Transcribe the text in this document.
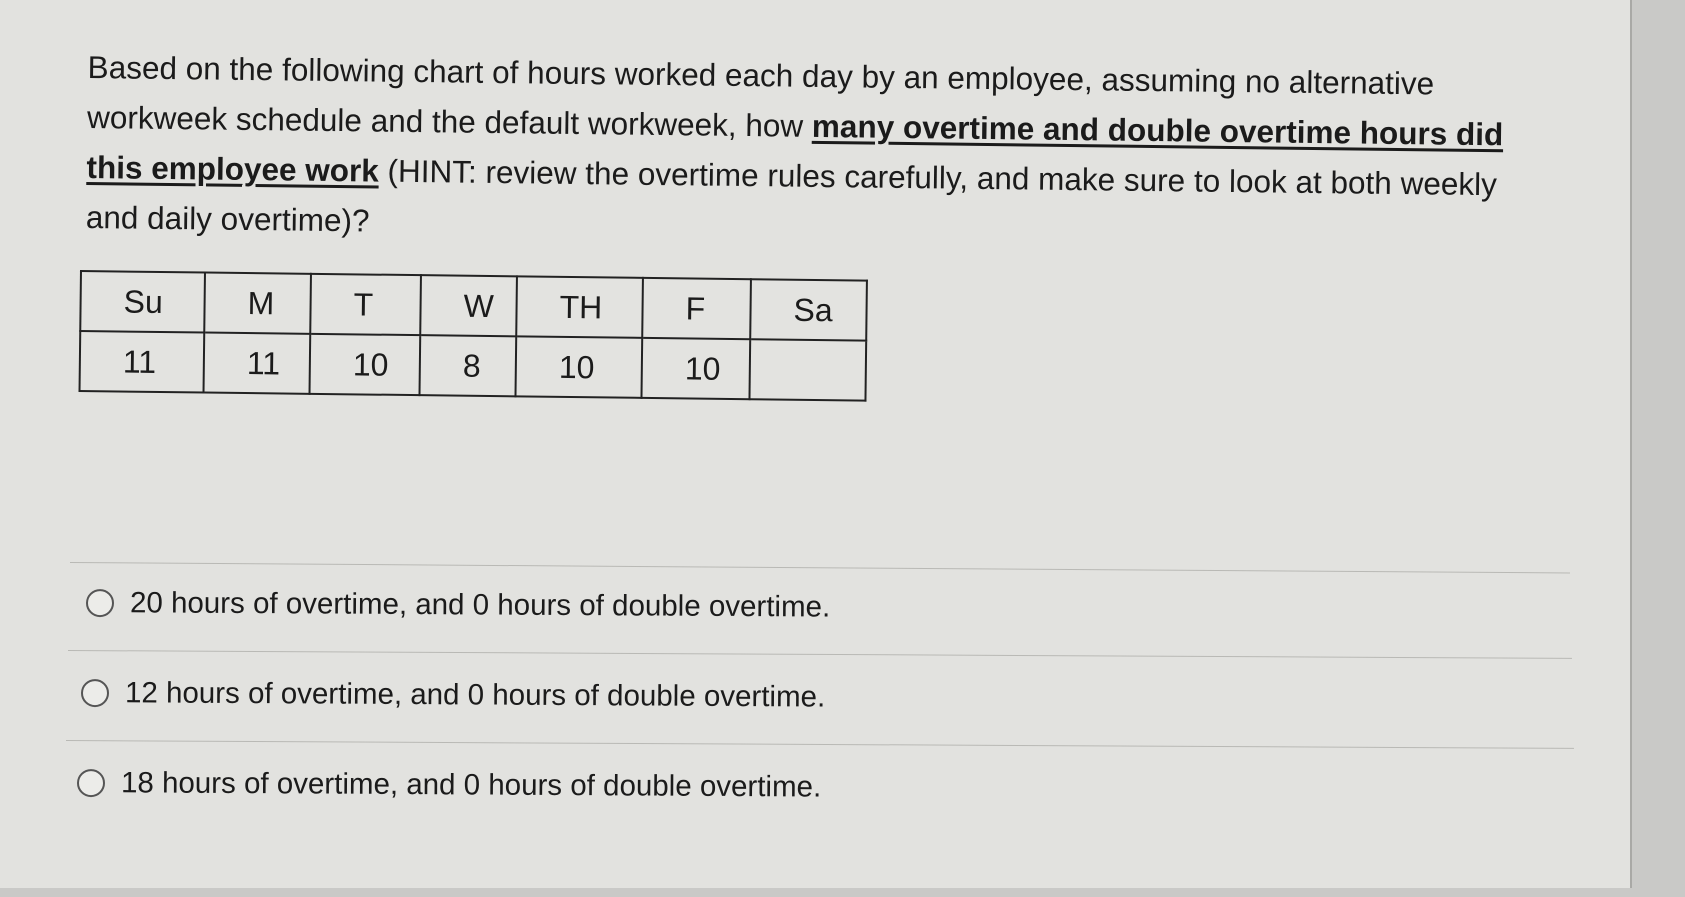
Based on the following chart of hours worked each day by an employee, assuming no alternative workweek schedule and the default workweek, how many overtime and double overtime hours did this employee work (HINT: review the overtime rules carefully, and make sure to look at both weekly and daily overtime)?
Su	M	T	W	TH	F	Sa
11	11	10	8	10	10	
20 hours of overtime, and 0 hours of double overtime.
12 hours of overtime, and 0 hours of double overtime.
18 hours of overtime, and 0 hours of double overtime.
